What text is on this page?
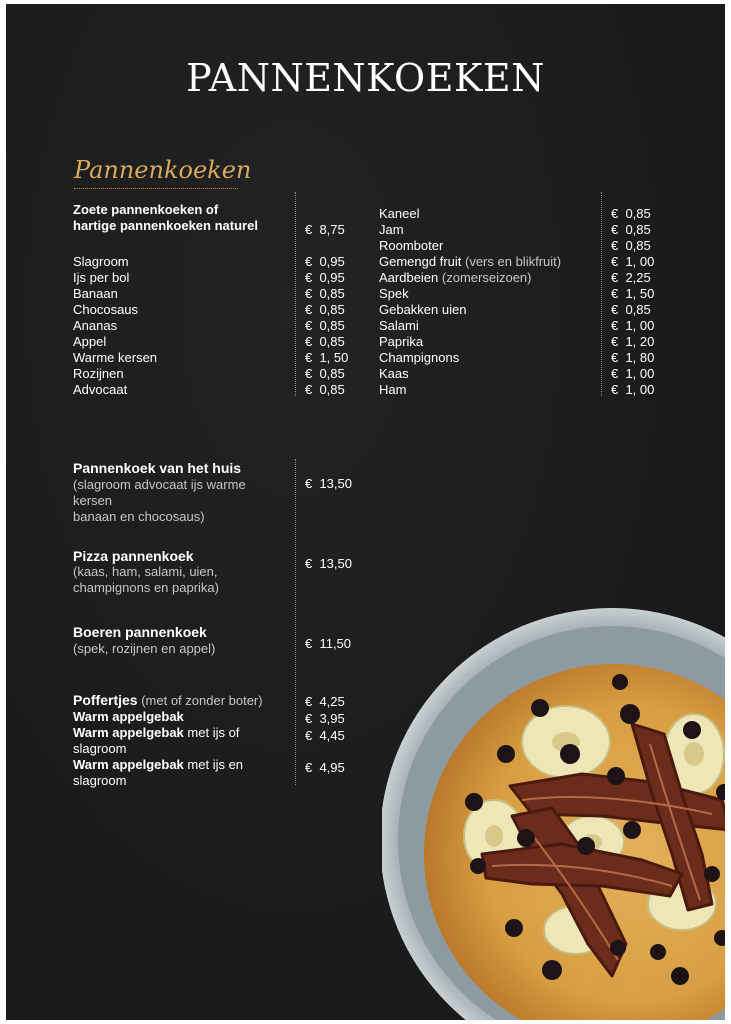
PANNENKOEKEN
Pannenkoeken
Zoete pannenkoeken of
hartige pannenkoeken naturel	€  8,75
Slagroom	€  0,95
Ijs per bol	€  0,95
Banaan	€  0,85
Chocosaus	€  0,85
Ananas	€  0,85
Appel	€  0,85
Warme kersen	€  1, 50
Rozijnen	€  0,85
Advocaat	€  0,85
Kaneel	€  0,85
Jam	€  0,85
Roomboter	€  0,85
Gemengd fruit (vers en blikfruit)	€  1, 00
Aardbeien (zomerseizoen)	€  2,25
Spek	€  1, 50
Gebakken uien	€  0,85
Salami	€  1, 00
Paprika	€  1, 20
Champignons	€  1, 80
Kaas	€  1, 00
Ham	€  1, 00
Pannenkoek van het huis
(slagroom advocaat ijs warme
kersen
banaan en chocosaus)
€  13,50
Pizza pannenkoek
(kaas, ham, salami, uien,
champignons en paprika)
€  13,50
Boeren pannenkoek
(spek, rozijnen en appel)	€  11,50
Poffertjes (met of zonder boter)	€  4,25
Warm appelgebak	€  3,95
Warm appelgebak met ijs of
slagroom
€  4,45
Warm appelgebak met ijs en
slagroom
€  4,95
